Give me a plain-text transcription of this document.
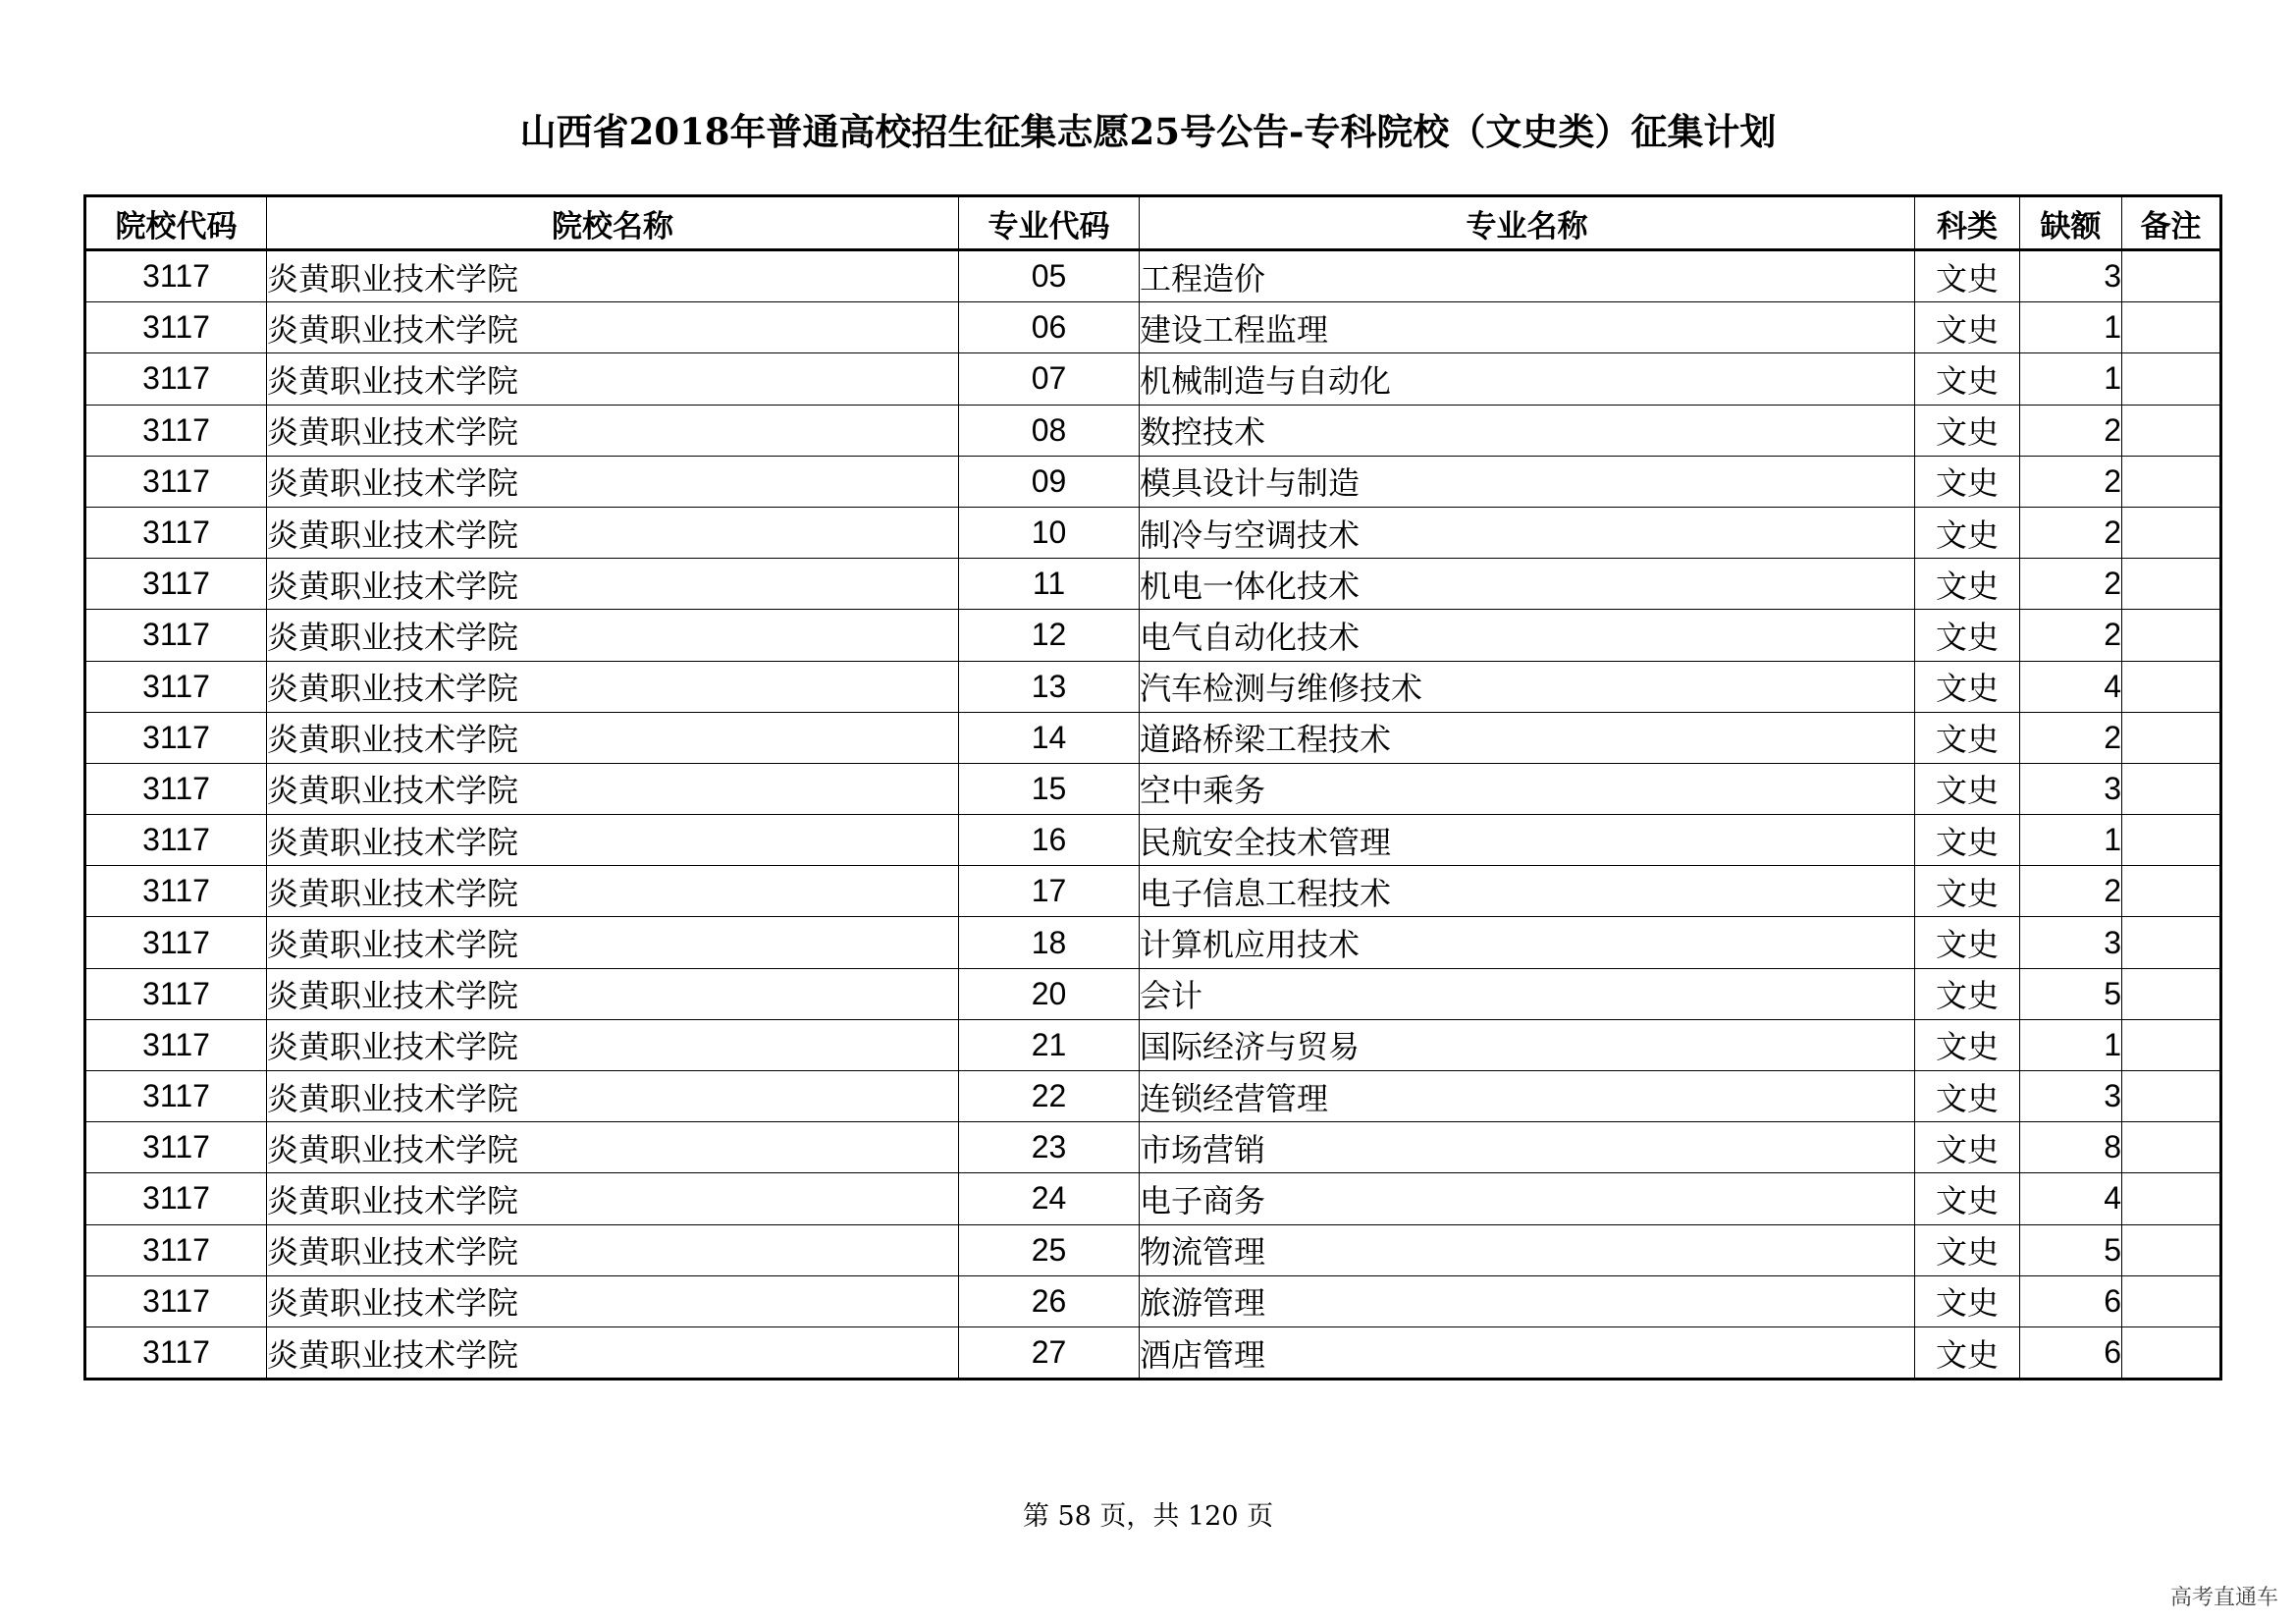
山西省2018年普通高校招生征集志愿25号公告-专科院校（文史类）征集计划
院校代码	院校名称	专业代码	专业名称	科类	缺额	备注
3117	炎黄职业技术学院	05	工程造价	文史	3	
3117	炎黄职业技术学院	06	建设工程监理	文史	1	
3117	炎黄职业技术学院	07	机械制造与自动化	文史	1	
3117	炎黄职业技术学院	08	数控技术	文史	2	
3117	炎黄职业技术学院	09	模具设计与制造	文史	2	
3117	炎黄职业技术学院	10	制冷与空调技术	文史	2	
3117	炎黄职业技术学院	11	机电一体化技术	文史	2	
3117	炎黄职业技术学院	12	电气自动化技术	文史	2	
3117	炎黄职业技术学院	13	汽车检测与维修技术	文史	4	
3117	炎黄职业技术学院	14	道路桥梁工程技术	文史	2	
3117	炎黄职业技术学院	15	空中乘务	文史	3	
3117	炎黄职业技术学院	16	民航安全技术管理	文史	1	
3117	炎黄职业技术学院	17	电子信息工程技术	文史	2	
3117	炎黄职业技术学院	18	计算机应用技术	文史	3	
3117	炎黄职业技术学院	20	会计	文史	5	
3117	炎黄职业技术学院	21	国际经济与贸易	文史	1	
3117	炎黄职业技术学院	22	连锁经营管理	文史	3	
3117	炎黄职业技术学院	23	市场营销	文史	8	
3117	炎黄职业技术学院	24	电子商务	文史	4	
3117	炎黄职业技术学院	25	物流管理	文史	5	
3117	炎黄职业技术学院	26	旅游管理	文史	6	
3117	炎黄职业技术学院	27	酒店管理	文史	6	
第 58 页，共 120 页
高考直通车
